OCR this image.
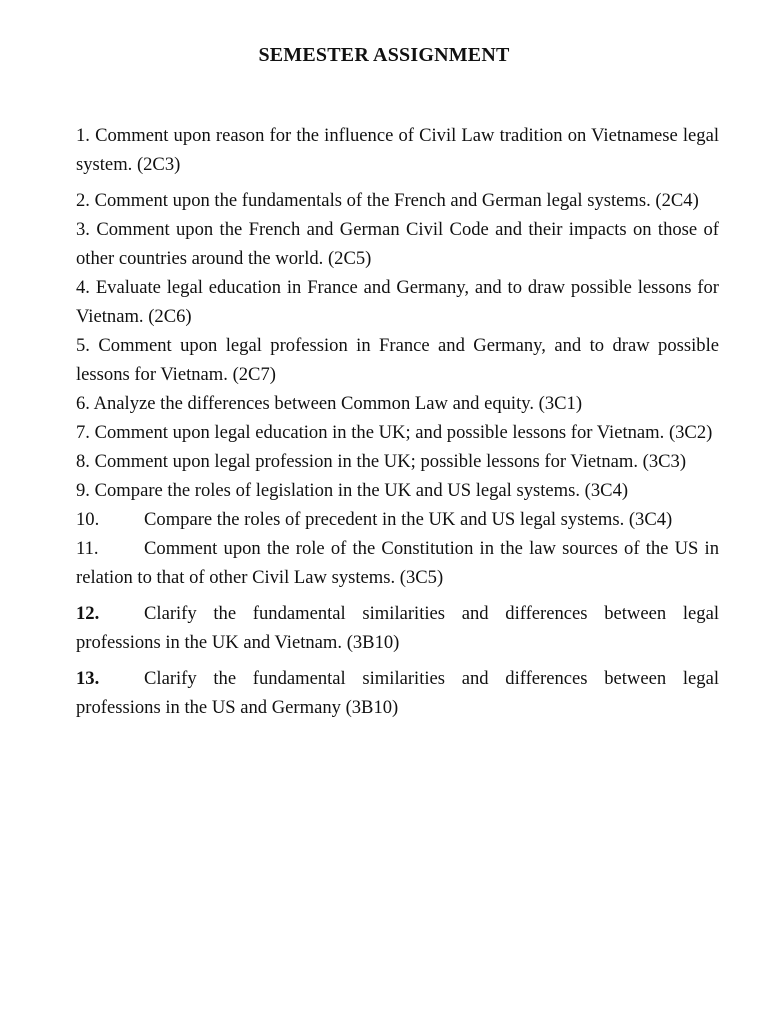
SEMESTER ASSIGNMENT

1. Comment upon reason for the influence of Civil Law tradition on Vietnamese legal system. (2C3)

2. Comment upon the fundamentals of the French and German legal systems. (2C4)

3. Comment upon the French and German Civil Code and their impacts on those of other countries around the world. (2C5)

4. Evaluate legal education in France and Germany, and to draw possible lessons for Vietnam. (2C6)

5. Comment upon legal profession in France and Germany, and to draw possible lessons for Vietnam. (2C7)

6. Analyze the differences between Common Law and equity. (3C1)

7. Comment upon legal education in the UK; and possible lessons for Vietnam. (3C2)

8. Comment upon legal profession in the UK; possible lessons for Vietnam. (3C3)

9. Compare the roles of legislation in the UK and US legal systems. (3C4)

10. Compare the roles of precedent in the UK and US legal systems. (3C4)

11. Comment upon the role of the Constitution in the law sources of the US in relation to that of other Civil Law systems. (3C5)

12. Clarify the fundamental similarities and differences between legal professions in the UK and Vietnam. (3B10)

13. Clarify the fundamental similarities and differences between legal professions in the US and Germany (3B10)
